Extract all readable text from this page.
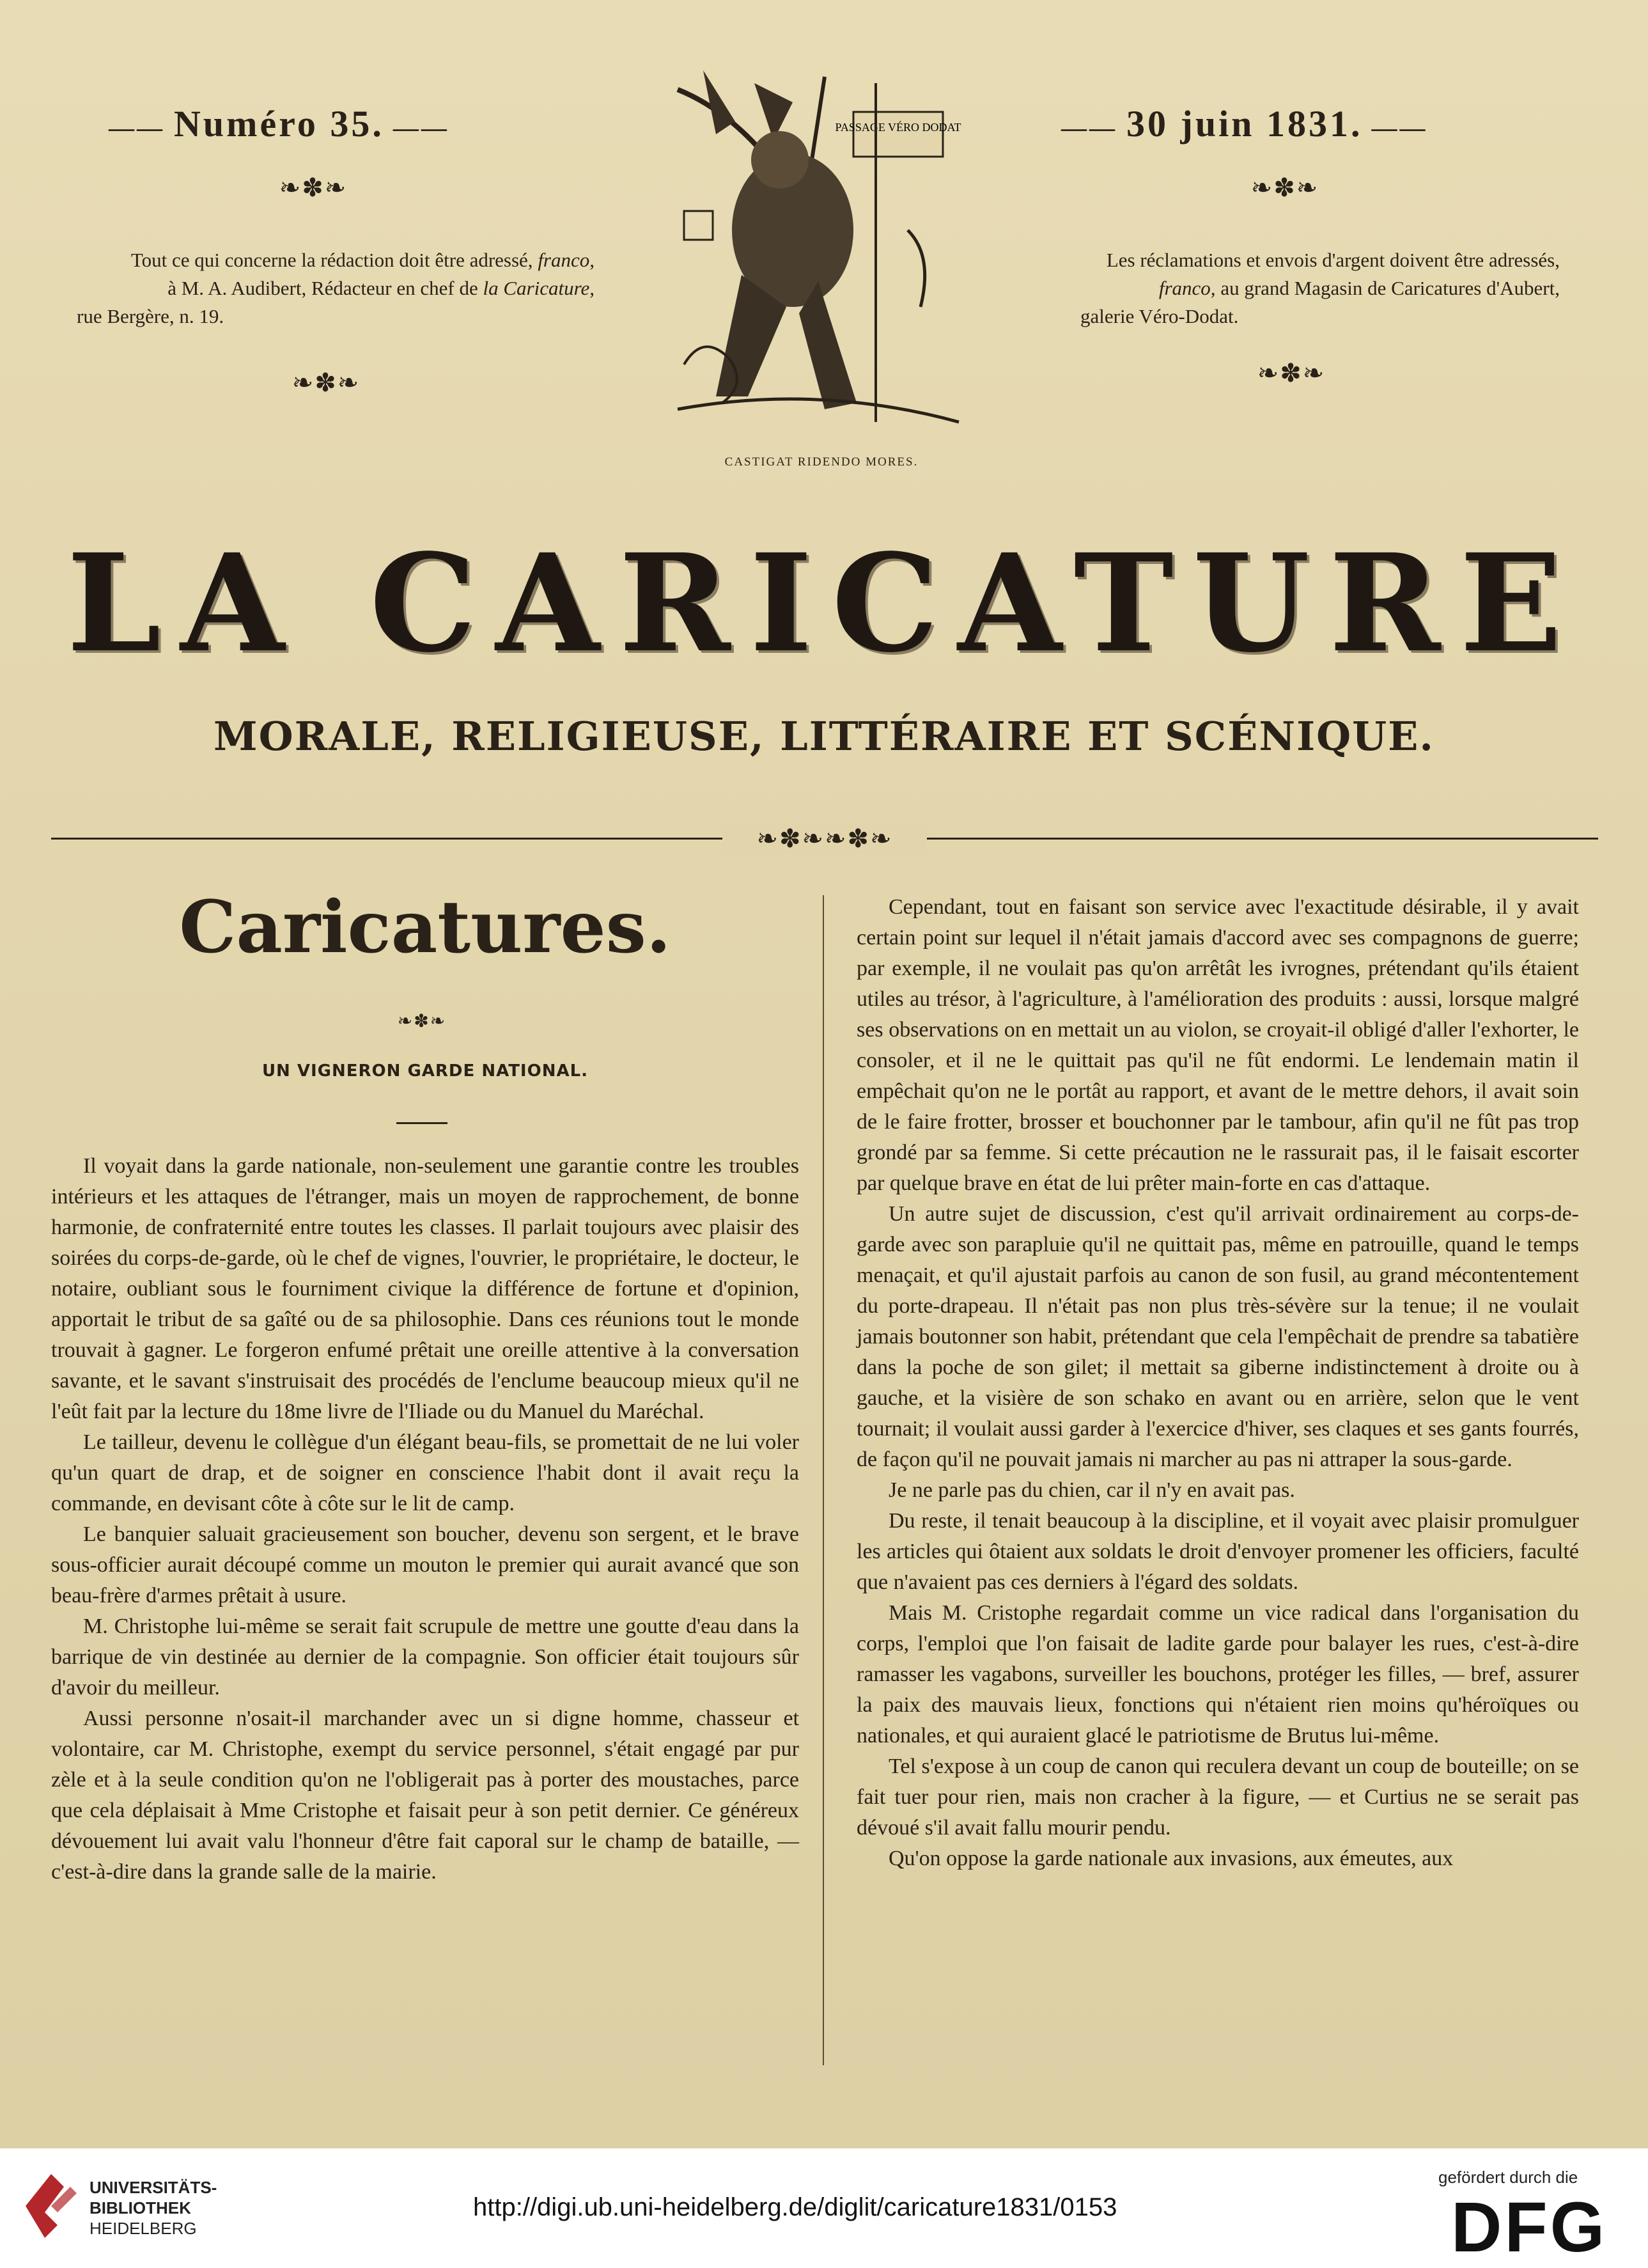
—— Numéro 35. ——
❧✽❧
Tout ce qui concerne la rédaction doit être adressé, franco,
à M. A. Audibert, Rédacteur en chef de la Caricature,

rue Bergère, n. 19.
❧✽❧
PASSAGE VÉRO DODAT
CASTIGAT RIDENDO MORES.
—— 30 juin 1831. ——
❧✽❧
Les réclamations et envois d'argent doivent être adressés,
franco, au grand Magasin de Caricatures d'Aubert,

galerie Véro-Dodat.
❧✽❧
LA CARICATURE
MORALE, RELIGIEUSE, LITTÉRAIRE ET SCÉNIQUE.
❧✽❧❧✽❧
Caricatures.
❧✽❧
UN VIGNERON GARDE NATIONAL.

Il voyait dans la garde nationale, non-seulement une garantie contre les troubles intérieurs et les attaques de l'étranger, mais un moyen de rapprochement, de bonne harmonie, de confraternité entre toutes les classes. Il parlait toujours avec plaisir des soirées du corps-de-garde, où le chef de vignes, l'ouvrier, le propriétaire, le docteur, le notaire, oubliant sous le fourniment civique la différence de fortune et d'opinion, apportait le tribut de sa gaîté ou de sa philosophie. Dans ces réunions tout le monde trouvait à gagner. Le forgeron enfumé prêtait une oreille attentive à la conversation savante, et le savant s'instruisait des procédés de l'enclume beaucoup mieux qu'il ne l'eût fait par la lecture du 18me livre de l'Iliade ou du Manuel du Maréchal.

Le tailleur, devenu le collègue d'un élégant beau-fils, se promettait de ne lui voler qu'un quart de drap, et de soigner en conscience l'habit dont il avait reçu la commande, en devisant côte à côte sur le lit de camp.

Le banquier saluait gracieusement son boucher, devenu son sergent, et le brave sous-officier aurait découpé comme un mouton le premier qui aurait avancé que son beau-frère d'armes prêtait à usure.

M. Christophe lui-même se serait fait scrupule de mettre une goutte d'eau dans la barrique de vin destinée au dernier de la compagnie. Son officier était toujours sûr d'avoir du meilleur.

Aussi personne n'osait-il marchander avec un si digne homme, chasseur et volontaire, car M. Christophe, exempt du service personnel, s'était engagé par pur zèle et à la seule condition qu'on ne l'obligerait pas à porter des moustaches, parce que cela déplaisait à Mme Cristophe et faisait peur à son petit dernier. Ce généreux dévouement lui avait valu l'honneur d'être fait caporal sur le champ de bataille, — c'est-à-dire dans la grande salle de la mairie.

Cependant, tout en faisant son service avec l'exactitude désirable, il y avait certain point sur lequel il n'était jamais d'accord avec ses compagnons de guerre; par exemple, il ne voulait pas qu'on arrêtât les ivrognes, prétendant qu'ils étaient utiles au trésor, à l'agriculture, à l'amélioration des produits : aussi, lorsque malgré ses observations on en mettait un au violon, se croyait-il obligé d'aller l'exhorter, le consoler, et il ne le quittait pas qu'il ne fût endormi. Le lendemain matin il empêchait qu'on ne le portât au rapport, et avant de le mettre dehors, il avait soin de le faire frotter, brosser et bouchonner par le tambour, afin qu'il ne fût pas trop grondé par sa femme. Si cette précaution ne le rassurait pas, il le faisait escorter par quelque brave en état de lui prêter main-forte en cas d'attaque.

Un autre sujet de discussion, c'est qu'il arrivait ordinairement au corps-de-garde avec son parapluie qu'il ne quittait pas, même en patrouille, quand le temps menaçait, et qu'il ajustait parfois au canon de son fusil, au grand mécontentement du porte-drapeau. Il n'était pas non plus très-sévère sur la tenue; il ne voulait jamais boutonner son habit, prétendant que cela l'empêchait de prendre sa tabatière dans la poche de son gilet; il mettait sa giberne indistinctement à droite ou à gauche, et la visière de son schako en avant ou en arrière, selon que le vent tournait; il voulait aussi garder à l'exercice d'hiver, ses claques et ses gants fourrés, de façon qu'il ne pouvait jamais ni marcher au pas ni attraper la sous-garde.

Je ne parle pas du chien, car il n'y en avait pas.

Du reste, il tenait beaucoup à la discipline, et il voyait avec plaisir promulguer les articles qui ôtaient aux soldats le droit d'envoyer promener les officiers, faculté que n'avaient pas ces derniers à l'égard des soldats.

Mais M. Cristophe regardait comme un vice radical dans l'organisation du corps, l'emploi que l'on faisait de ladite garde pour balayer les rues, c'est-à-dire ramasser les vagabons, surveiller les bouchons, protéger les filles, — bref, assurer la paix des mauvais lieux, fonctions qui n'étaient rien moins qu'héroïques ou nationales, et qui auraient glacé le patriotisme de Brutus lui-même.

Tel s'expose à un coup de canon qui reculera devant un coup de bouteille; on se fait tuer pour rien, mais non cracher à la figure, — et Curtius ne se serait pas dévoué s'il avait fallu mourir pendu.

Qu'on oppose la garde nationale aux invasions, aux émeutes, aux

UNIVERSITÄTS-
BIBLIOTHEK
HEIDELBERG
http://digi.ub.uni-heidelberg.de/diglit/caricature1831/0153
gefördert durch die
DFG
